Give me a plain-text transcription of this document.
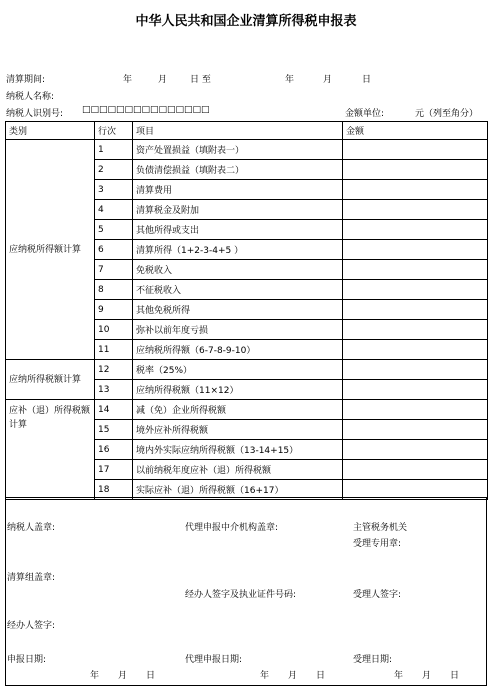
中华人民共和国企业清算所得税申报表
清算期间:	年	月	日 至	年	月	日
纳税人名称:
纳税人识别号: □□□□□□□□□□□□□□□	金额单位:	元（列至角分）
类别	行次	项目	金额
应纳税所得额计算	1	资产处置损益（填附表一）	
	2	负债清偿损益（填附表二）	
	3	清算费用	
	4	清算税金及附加	
	5	其他所得或支出	
	6	清算所得（1+2-3-4+5 ）	
	7	免税收入	
	8	不征税收入	
	9	其他免税所得	
	10	弥补以前年度亏损	
	11	应纳税所得额（6-7-8-9-10）	
应纳所得税额计算	12	税率（25%）	
	13	应纳所得税额（11×12）	
应补（退）所得税额计算	14	减（免）企业所得税额	
	15	境外应补所得税额	
	16	境内外实际应纳所得税额（13-14+15）	
	17	以前纳税年度应补（退）所得税额	
	18	实际应补（退）所得税额（16+17）	
纳税人盖章:
清算组盖章:
经办人签字:
申报日期:
年 月 日
代理申报中介机构盖章:
经办人签字及执业证件号码:
代理申报日期:
年 月 日
主管税务机关
受理专用章:
受理人签字:
受理日期:
年 月 日
